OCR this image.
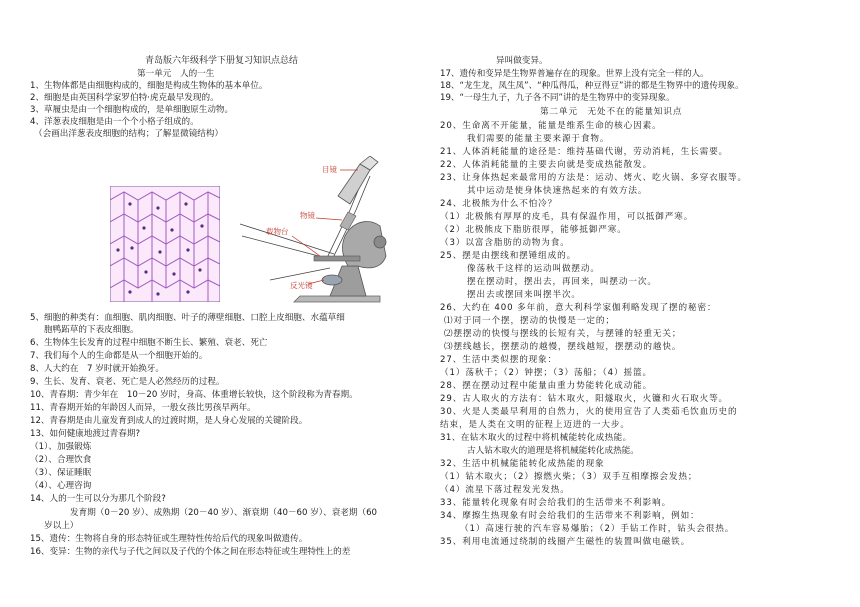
青岛版六年级科学下册复习知识点总结
第一单元　人的一生
1、生物体都是由细胞构成的，细胞是构成生物体的基本单位。
2、细胞是由英国科学家罗伯特·虎克最早发现的。
3、草履虫是由一个细胞构成的，是单细胞原生动物。
4、洋葱表皮细胞是由一个个小格子组成的。
（会画出洋葱表皮细胞的结构；了解显微镜结构）
目镜
物镜
载物台
反光镜
5、细胞的种类有：血细胞、肌肉细胞、叶子的薄壁细胞、口腔上皮细胞、水蕴草细
胞鸭跖草的下表皮细胞。
6、生物体生长发育的过程中细胞不断生长、繁殖、衰老、死亡
7、我们每个人的生命都是从一个细胞开始的。
8、人大约在　7 岁时就开始换牙。
9、生长、发育、衰老、死亡是人必然经历的过程。
10、青春期：青少年在　10－20 岁时，身高、体重增长较快，这个阶段称为青春期。
11、青春期开始的年龄因人而异，一般女孩比男孩早两年。
12、青春期是由儿童发育到成人的过渡时期，是人身心发展的关键阶段。
13、如何健康地渡过青春期?
（1）、加强锻炼
（2）、合理饮食
（3）、保证睡眠
（4）、心理咨询
14、人的一生可以分为那几个阶段?
发育期（0－20 岁）、成熟期（20－40 岁）、渐衰期（40－60 岁）、衰老期（60
岁以上）
15、遗传：生物将自身的形态特征或生理特性传给后代的现象叫做遗传。
16、变异：生物的亲代与子代之间以及子代的个体之间在形态特征或生理特性上的差
异叫做变异。
17、遗传和变异是生物界普遍存在的现象。世界上没有完全一样的人。
18、“龙生龙，凤生凤”、“种瓜得瓜，种豆得豆”讲的都是生物界中的遗传现象。
19、“一母生九子，九子各不同”讲的是生物界中的变异现象。
第二单元　无处不在的能量知识点
20、生命离不开能量，能量是维系生命的核心因素。
我们需要的能量主要来源于食物。
21、人体消耗能量的途径是：维持基础代谢，劳动消耗，生长需要。
22、人体消耗能量的主要去向就是变成热能散发。
23、让身体热起来最常用的方法是：运动、烤火、吃火锅、多穿衣服等。
其中运动是使身体快速热起来的有效方法。
24、北极熊为什么不怕冷？
（1）北极熊有厚厚的皮毛，具有保温作用，可以抵御严寒。
（2）北极熊皮下脂肪很厚，能够抵御严寒。
（3）以富含脂肪的动物为食。
25、摆是由摆线和摆锤组成的。
像荡秋千这样的运动叫做摆动。
摆在摆动时，摆出去，再回来，叫摆动一次。
摆出去或摆回来叫摆半次。
26、大约在 400 多年前，意大利科学家伽利略发现了摆的秘密：
⑴对于同一个摆，摆动的快慢是一定的；
⑵摆摆动的快慢与摆线的长短有关，与摆锤的轻重无关；
⑶摆线越长，摆摆动的越慢，摆线越短，摆摆动的越快。
27、生活中类似摆的现象：
（1）荡秋千；（2）钟摆；（3）荡船；（4）摇篮。
28、摆在摆动过程中能量由重力势能转化成动能。
29、古人取火的方法有：钻木取火，阳燧取火，火镰和火石取火等。
30、火是人类最早利用的自然力，火的使用宣告了人类茹毛饮血历史的
结束，是人类在文明的征程上迈进的一大步。
31、在钻木取火的过程中将机械能转化成热能。
古人钻木取火的道理是将机械能转化成热能。
32、生活中机械能能转化成热能的现象
（1）钻木取火；（2）擦燃火柴；（3）双手互相摩擦会发热；
（4）流星下落过程发光发热。
33、能量转化现象有时会给我们的生活带来不利影响。
34、摩擦生热现象有时会给我们的生活带来不利影响，例如：
（1）高速行驶的汽车容易爆胎；（2）手钻工作时，钻头会很热。
35、利用电流通过绕制的线圈产生磁性的装置叫做电磁铁。
